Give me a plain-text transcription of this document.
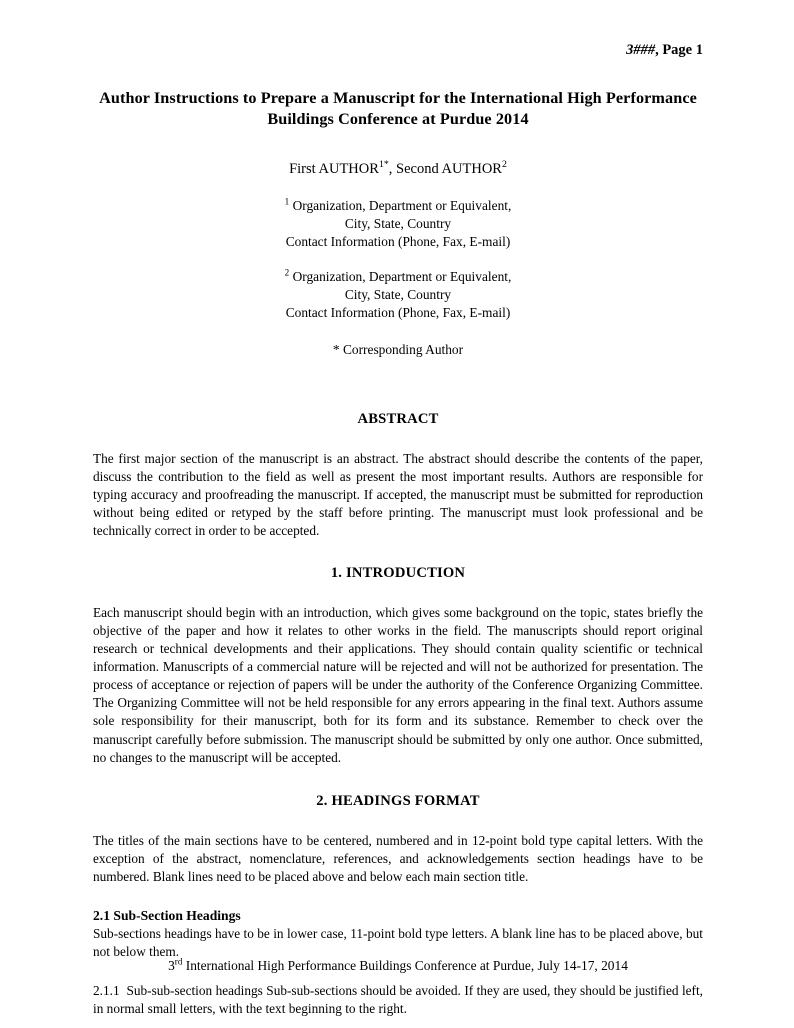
3###, Page 1
Author Instructions to Prepare a Manuscript for the International High Performance Buildings Conference at Purdue 2014
First $AUTHOR^{1*}$, Second AUTHOR$^2$
$^1$ Organization, Department or Equivalent,
City, State, Country
Contact Information (Phone, Fax, E-mail)
$^2$ Organization, Department or Equivalent,
City, State, Country
Contact Information (Phone, Fax, E-mail)
* Corresponding Author
ABSTRACT

The first major section of the manuscript is an abstract. The abstract should describe the contents of the paper, discuss the contribution to the field as well as present the most important results. Authors are responsible for typing accuracy and proofreading the manuscript. If accepted, the manuscript must be submitted for reproduction without being edited or retyped by the staff before printing. The manuscript must look professional and be technically correct in order to be accepted.

1. INTRODUCTION

Each manuscript should begin with an introduction, which gives some background on the topic, states briefly the objective of the paper and how it relates to other works in the field. The manuscripts should report original research or technical developments and their applications. They should contain quality scientific or technical information. Manuscripts of a commercial nature will be rejected and will not be authorized for presentation. The process of acceptance or rejection of papers will be under the authority of the Conference Organizing Committee. The Organizing Committee will not be held responsible for any errors appearing in the final text. Authors assume sole responsibility for their manuscript, both for its form and its substance. Remember to check over the manuscript carefully before submission. The manuscript should be submitted by only one author. Once submitted, no changes to the manuscript will be accepted.

2. HEADINGS FORMAT

The titles of the main sections have to be centered, numbered and in 12-point bold type capital letters. With the exception of the abstract, nomenclature, references, and acknowledgements section headings have to be numbered. Blank lines need to be placed above and below each main section title.

2.1 Sub-Section Headings

Sub-sections headings have to be in lower case, 11-point bold type letters. A blank line has to be placed above, but not below them.

2.1.1 Sub-sub-section headings Sub-sub-sections should be avoided. If they are used, they should be justified left, in normal small letters, with the text beginning to the right.

3rd International High Performance Buildings Conference at Purdue, July 14-17, 2014
